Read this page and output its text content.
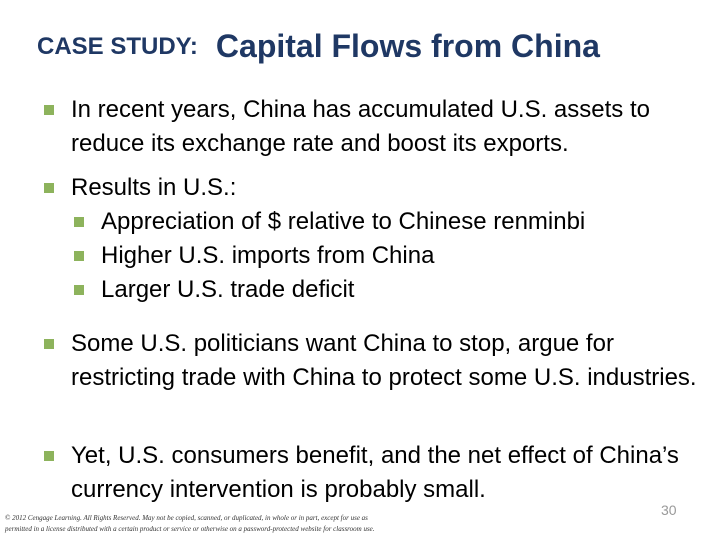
CASE STUDY: Capital Flows from China
In recent years, China has accumulated U.S. assets to reduce its exchange rate and boost its exports.
Results in U.S.:
Appreciation of $ relative to Chinese renminbi
Higher U.S. imports from China
Larger U.S. trade deficit
Some U.S. politicians want China to stop, argue for restricting trade with China to protect some U.S. industries.
Yet, U.S. consumers benefit, and the net effect of China’s currency intervention is probably small.
© 2012 Cengage Learning. All Rights Reserved. May not be copied, scanned, or duplicated, in whole or in part, except for use as
permitted in a license distributed with a certain product or service or otherwise on a password-protected website for classroom use.
30
